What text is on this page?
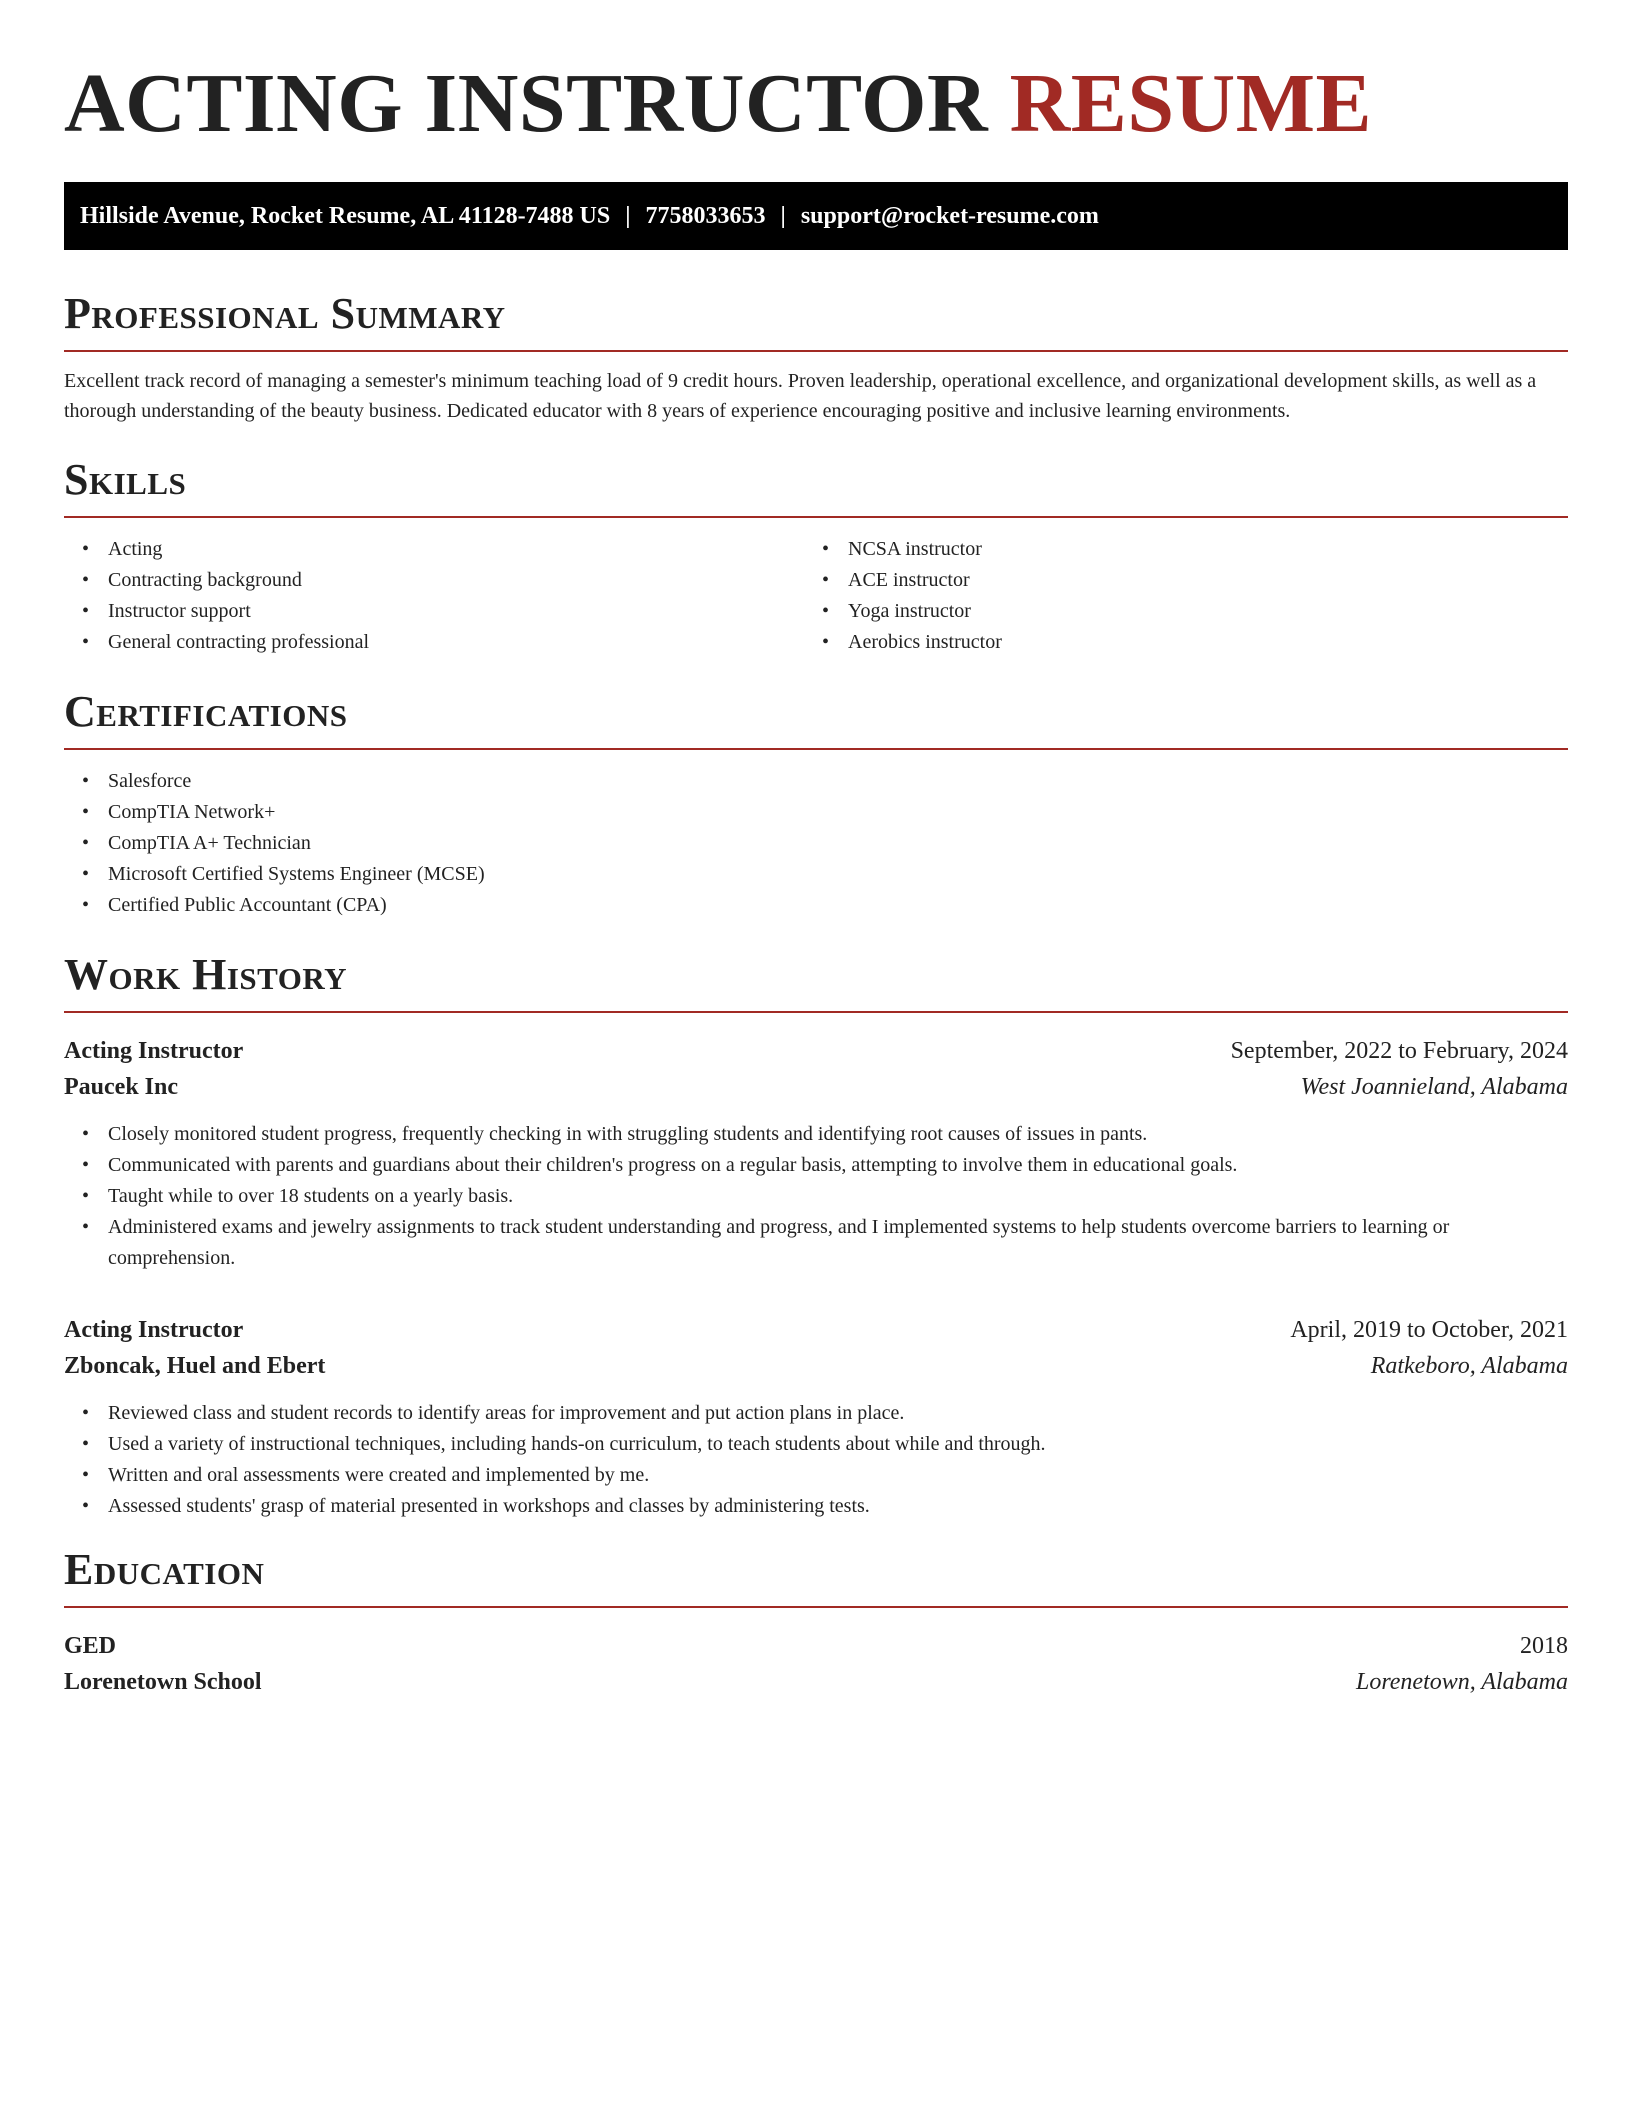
ACTING INSTRUCTOR RESUME
Hillside Avenue, Rocket Resume, AL 41128-7488 US | 7758033653 | support@rocket-resume.com
Professional Summary

Excellent track record of managing a semester's minimum teaching load of 9 credit hours. Proven leadership, operational excellence, and organizational development skills, as well as a thorough understanding of the beauty business. Dedicated educator with 8 years of experience encouraging positive and inclusive learning environments.

Skills
• Acting
• Contracting background
• Instructor support
• General contracting professional
• NCSA instructor
• ACE instructor
• Yoga instructor
• Aerobics instructor
Certifications
• Salesforce
• CompTIA Network+
• CompTIA A+ Technician
• Microsoft Certified Systems Engineer (MCSE)
• Certified Public Accountant (CPA)
Work History
Acting Instructor	September, 2022 to February, 2024
Paucek Inc	West Joannieland, Alabama
• Closely monitored student progress, frequently checking in with struggling students and identifying root causes of issues in pants.
• Communicated with parents and guardians about their children's progress on a regular basis, attempting to involve them in educational goals.
• Taught while to over 18 students on a yearly basis.
• Administered exams and jewelry assignments to track student understanding and progress, and I implemented systems to help students overcome barriers to learning or comprehension.
Acting Instructor	April, 2019 to October, 2021
Zboncak, Huel and Ebert	Ratkeboro, Alabama
• Reviewed class and student records to identify areas for improvement and put action plans in place.
• Used a variety of instructional techniques, including hands-on curriculum, to teach students about while and through.
• Written and oral assessments were created and implemented by me.
• Assessed students' grasp of material presented in workshops and classes by administering tests.
Education
GED	2018
Lorenetown School	Lorenetown, Alabama
